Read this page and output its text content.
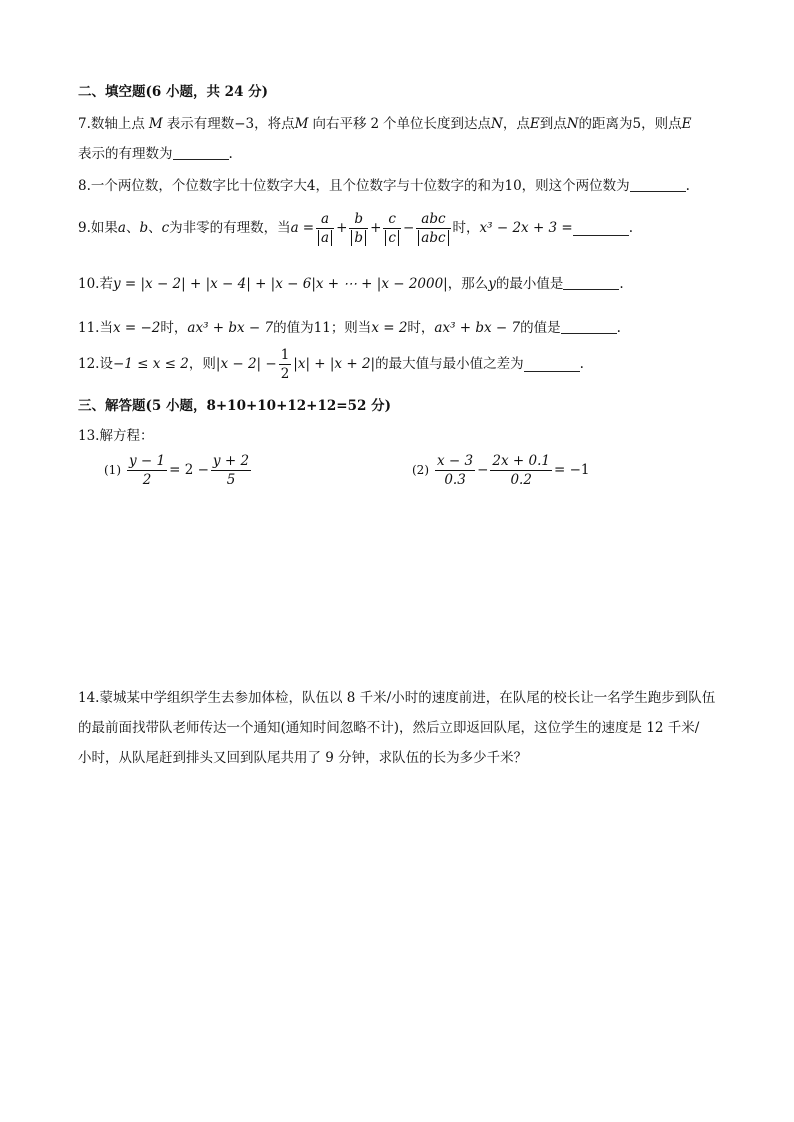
二、填空题(6 小题，共 24 分)
7.数轴上点 M 表示有理数−3，将点M 向右平移 2 个单位长度到达点N，点E到点N的距离为5，则点E
表示的有理数为	.
8.一个两位数，个位数字比十位数字大4，且个位数字与十位数字的和为10，则这个两位数为	.
9.如果 a 、 b 、 c 为非零的有理数，当 $a = \frac{a}{a} + \frac{b}{b} + \frac{c}{c} - \frac{\text{abc}}{\text{abc}}$ 时， x³ − 2x + 3 =	.
10.若y = |x − 2| + |x − 4| + |x − 6|x + ⋯ + |x − 2000|，那么y的最小值是	.
11.当x = −2时，ax³ + bx − 7的值为11；则当x = 2时，ax³ + bx − 7的值是	.
12.设 −1 ≤ x ≤ 2 ，则 $|x - 2| - \frac{1}{2} |x| + |x + 2|$ 的最大值与最小值之差为	.
三、解答题(5 小题，8+10+10+12+12=52 分)
13.解方程：
$(1) \frac{y - 1}{2} = 2 - \frac{y + 2}{5}$	$(2) \frac{x - 3}{0.3} - \frac{2x + 0.1}{0.2} = -1$
14.蒙城某中学组织学生去参加体检，队伍以 8 千米/小时的速度前进，在队尾的校长让一名学生跑步到队伍
的最前面找带队老师传达一个通知(通知时间忽略不计)，然后立即返回队尾，这位学生的速度是 12 千米/
小时，从队尾赶到排头又回到队尾共用了 9 分钟，求队伍的长为多少千米？
